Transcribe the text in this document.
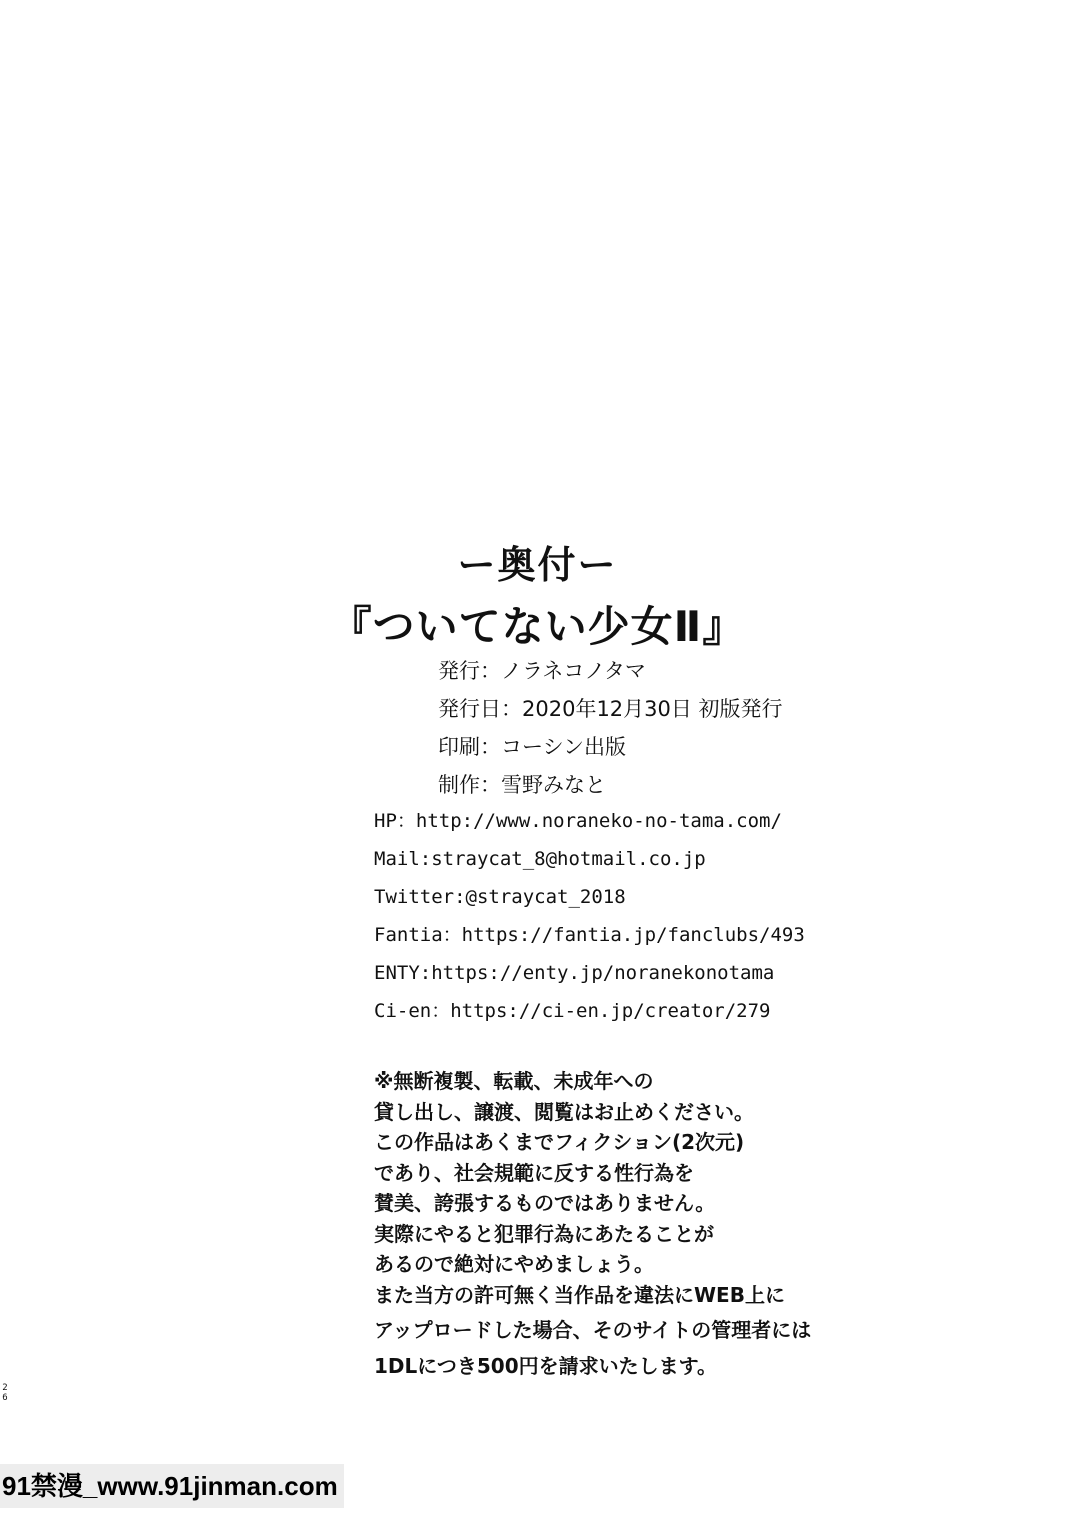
ー奥付ー
『ついてない少女Ⅱ』
発行：ノラネコノタマ
発行日：2020年12月30日 初版発行
印刷：コーシン出版
制作：雪野みなと
HP：http://www.noraneko-no-tama.com/
Mail:straycat_8@hotmail.co.jp
Twitter:@straycat_2018
Fantia：https://fantia.jp/fanclubs/493
ENTY:https://enty.jp/noranekonotama
Ci-en：https://ci-en.jp/creator/279
※無断複製、転載、未成年への
貸し出し、譲渡、閲覧はお止めください。
この作品はあくまでフィクション(2次元)
であり、社会規範に反する性行為を
賛美、誇張するものではありません。
実際にやると犯罪行為にあたることが
あるので絶対にやめましょう。
また当方の許可無く当作品を違法にWEB上に
アップロードした場合、そのサイトの管理者には
1DLにつき500円を請求いたします。
26
91禁漫_www.91jinman.com
